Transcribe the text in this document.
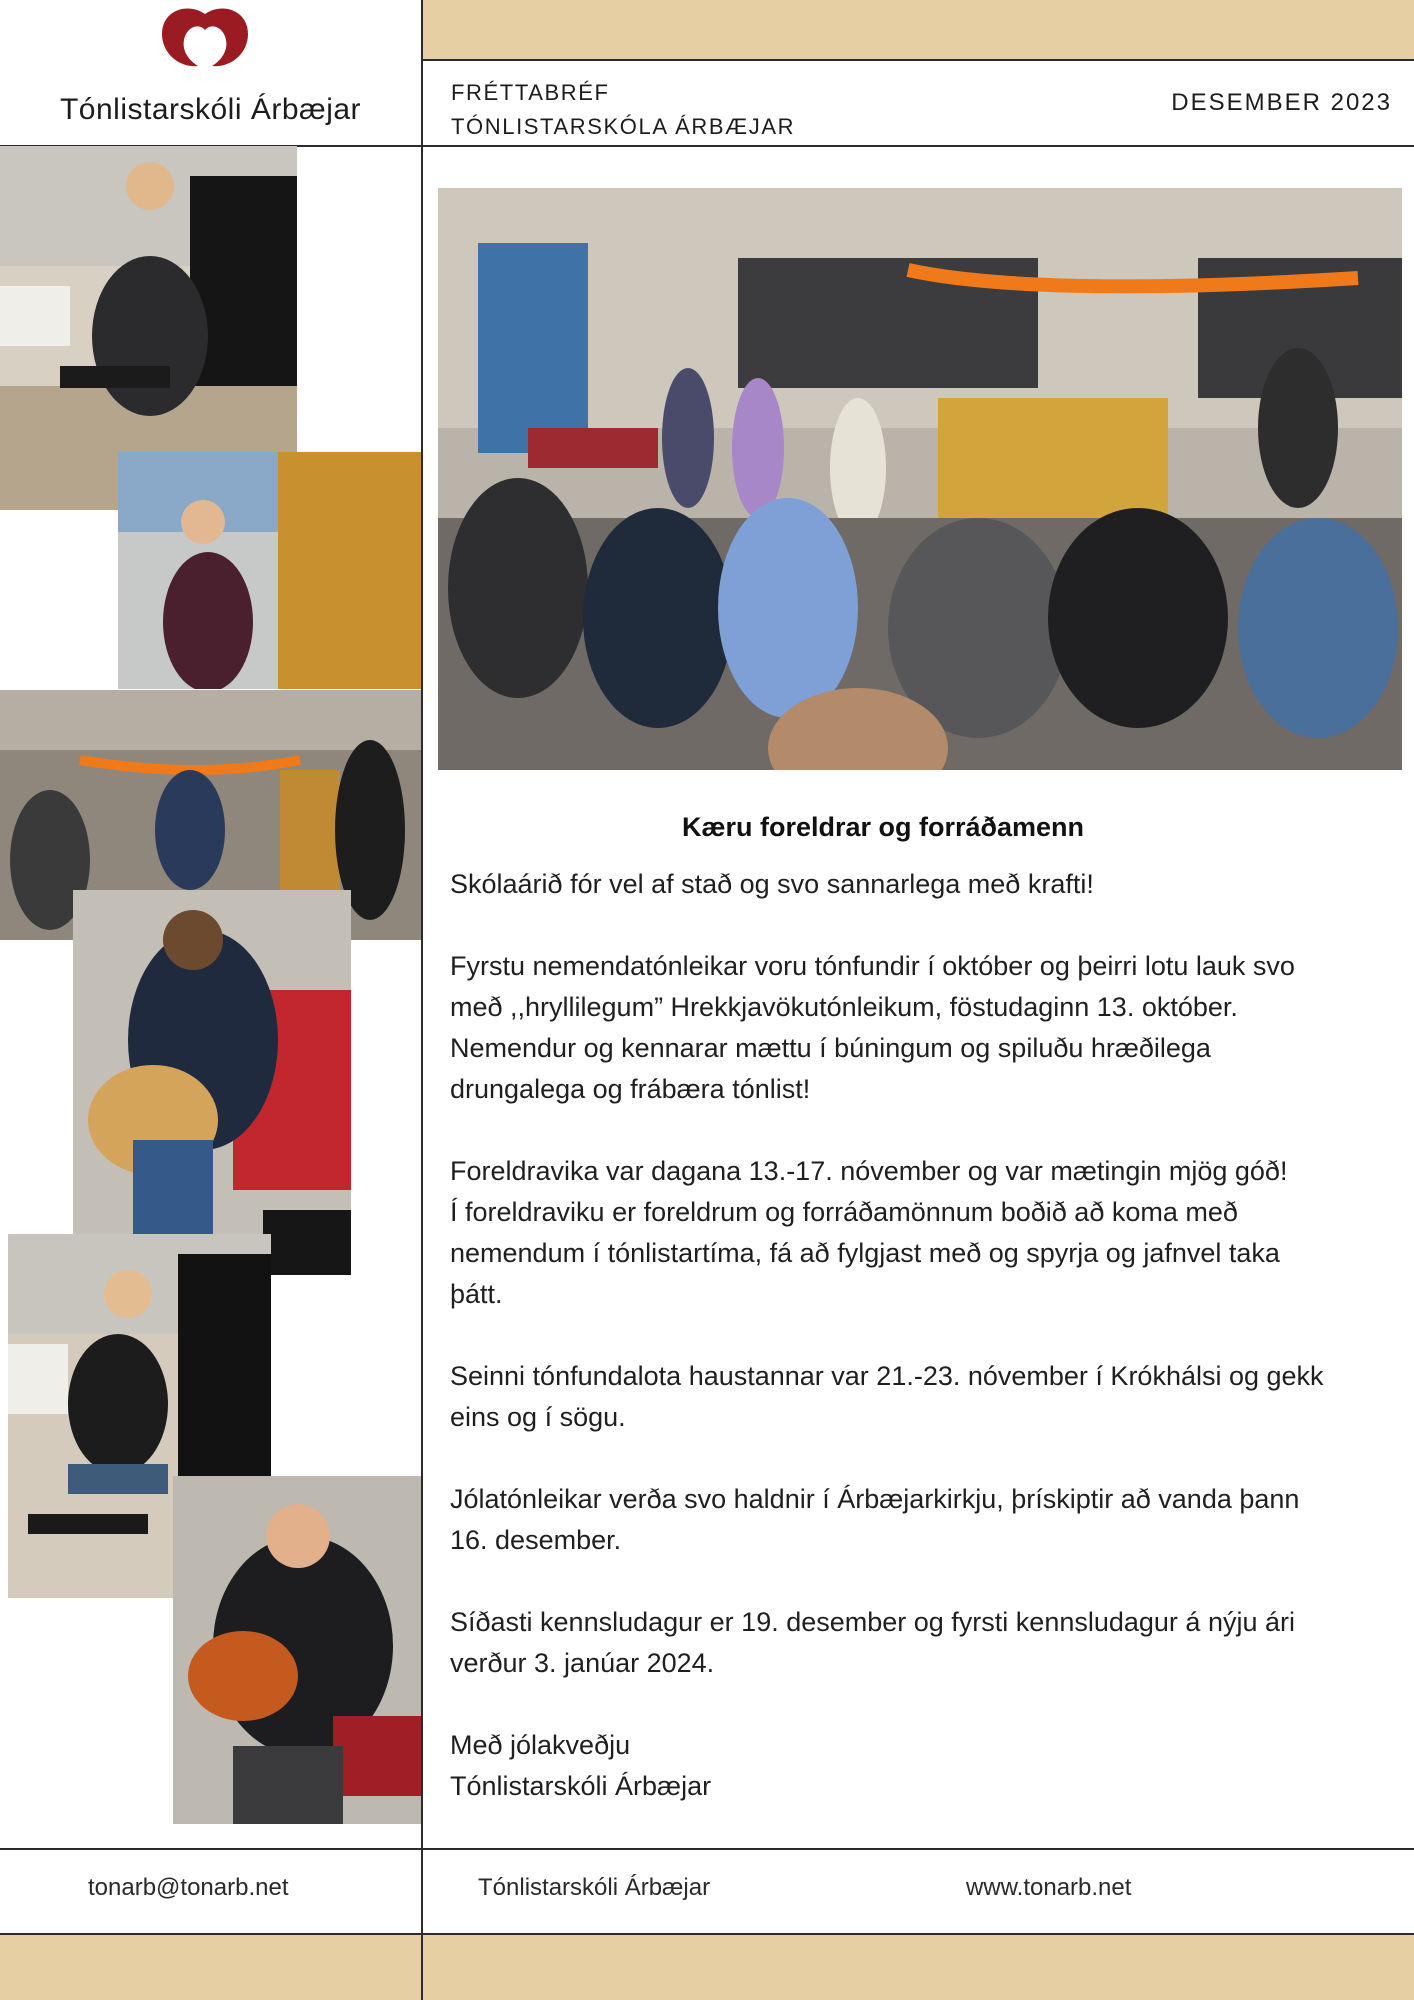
Tónlistarskóli Árbæjar
FRÉTTABRÉF
TÓNLISTARSKÓLA ÁRBÆJAR
DESEMBER 2023
Kæru foreldrar og forráðamenn

Skólaárið fór vel af stað og svo sannarlega með krafti!

Fyrstu nemendatónleikar voru tónfundir í október og þeirri lotu lauk svo
með ,,hryllilegum” Hrekkjavökutónleikum, föstudaginn 13. október.
Nemendur og kennarar mættu í búningum og spiluðu hræðilega
drungalega og frábæra tónlist!

Foreldravika var dagana 13.-17. nóvember og var mætingin mjög góð!
Í foreldraviku er foreldrum og forráðamönnum boðið að koma með
nemendum í tónlistartíma, fá að fylgjast með og spyrja og jafnvel taka
þátt.

Seinni tónfundalota haustannar var 21.-23. nóvember í Krókhálsi og gekk
eins og í sögu.

Jólatónleikar verða svo haldnir í Árbæjarkirkju, þrískiptir að vanda þann
16. desember.

Síðasti kennsludagur er 19. desember og fyrsti kennsludagur á nýju ári
verður 3. janúar 2024.

Með jólakveðju
Tónlistarskóli Árbæjar

tonarb@tonarb.net	Tónlistarskóli Árbæjar	www.tonarb.net
